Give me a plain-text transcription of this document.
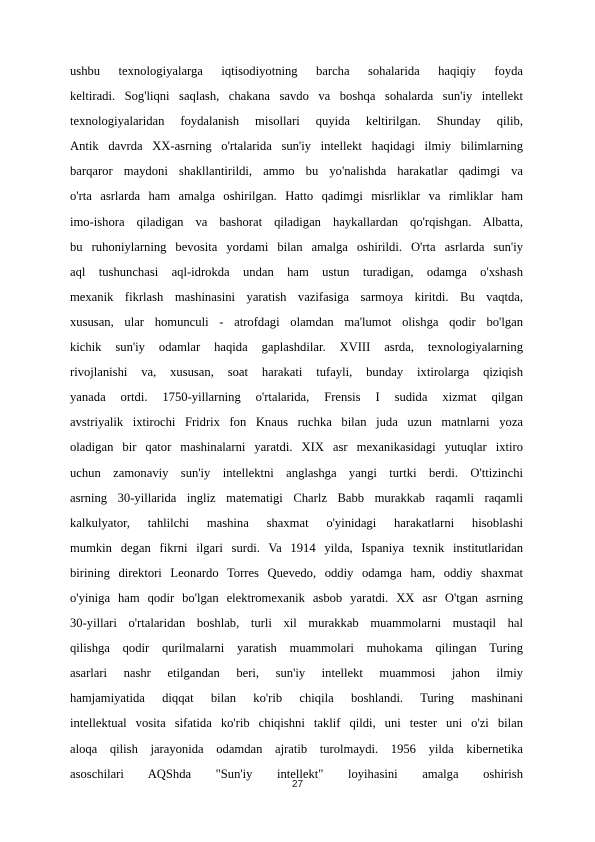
ushbu texnologiyalarga iqtisodiyotning barcha sohalarida haqiqiy foyda
keltiradi. Sog'liqni saqlash, chakana savdo va boshqa sohalarda sun'iy intellekt
texnologiyalaridan foydalanish misollari quyida keltirilgan. Shunday qilib,
Antik davrda XX-asrning o'rtalarida sun'iy intellekt haqidagi ilmiy bilimlarning
barqaror maydoni shakllantirildi, ammo bu yo'nalishda harakatlar qadimgi va
o'rta asrlarda ham amalga oshirilgan. Hatto qadimgi misrliklar va rimliklar ham
imo-ishora qiladigan va bashorat qiladigan haykallardan qo'rqishgan. Albatta,
bu ruhoniylarning bevosita yordami bilan amalga oshirildi. O'rta asrlarda sun'iy
aql tushunchasi aql-idrokda undan ham ustun turadigan, odamga o'xshash
mexanik fikrlash mashinasini yaratish vazifasiga sarmoya kiritdi. Bu vaqtda,
xususan, ular homunculi - atrofdagi olamdan ma'lumot olishga qodir bo'lgan
kichik sun'iy odamlar haqida gaplashdilar. XVIII asrda, texnologiyalarning
rivojlanishi va, xususan, soat harakati tufayli, bunday ixtirolarga qiziqish
yanada ortdi. 1750-yillarning o'rtalarida, Frensis I sudida xizmat qilgan
avstriyalik ixtirochi Fridrix fon Knaus ruchka bilan juda uzun matnlarni yoza
oladigan bir qator mashinalarni yaratdi. XIX asr mexanikasidagi yutuqlar ixtiro
uchun zamonaviy sun'iy intellektni anglashga yangi turtki berdi. O'ttizinchi
asrning 30-yillarida ingliz matematigi Charlz Babb murakkab raqamli raqamli
kalkulyator, tahlilchi mashina shaxmat o'yinidagi harakatlarni hisoblashi
mumkin degan fikrni ilgari surdi. Va 1914 yilda, Ispaniya texnik institutlaridan
birining direktori Leonardo Torres Quevedo, oddiy odamga ham, oddiy shaxmat
o'yiniga ham qodir bo'lgan elektromexanik asbob yaratdi. XX asr O'tgan asrning
30-yillari o'rtalaridan boshlab, turli xil murakkab muammolarni mustaqil hal
qilishga qodir qurilmalarni yaratish muammolari muhokama qilingan Turing
asarlari nashr etilgandan beri, sun'iy intellekt muammosi jahon ilmiy
hamjamiyatida diqqat bilan ko'rib chiqila boshlandi. Turing mashinani
intellektual vosita sifatida ko'rib chiqishni taklif qildi, uni tester uni o'zi bilan
aloqa qilish jarayonida odamdan ajratib turolmaydi. 1956 yilda kibernetika
asoschilari AQShda "Sun'iy intellekt" loyihasini amalga oshirish
27
